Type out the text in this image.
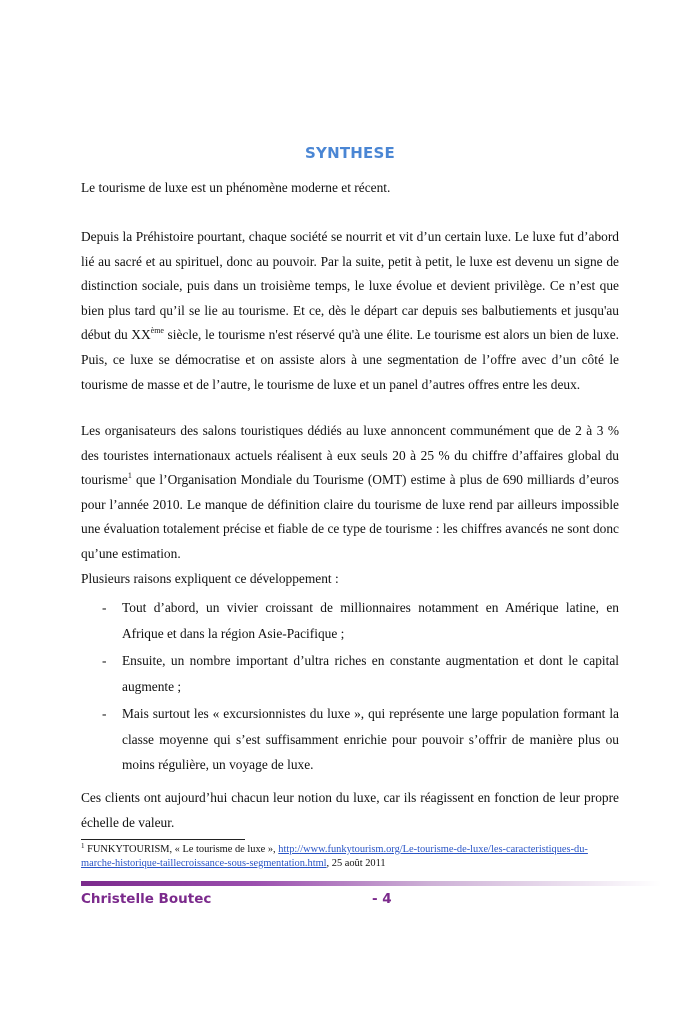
SYNTHESE

Le tourisme de luxe est un phénomène moderne et récent.

Depuis la Préhistoire pourtant, chaque société se nourrit et vit d’un certain luxe. Le luxe fut d’abord lié au sacré et au spirituel, donc au pouvoir. Par la suite, petit à petit, le luxe est devenu un signe de distinction sociale, puis dans un troisième temps, le luxe évolue et devient privilège. Ce n’est que bien plus tard qu’il se lie au tourisme. Et ce, dès le départ car depuis ses balbutiements et jusqu'au début du XXème siècle, le tourisme n'est réservé qu'à une élite. Le tourisme est alors un bien de luxe. Puis, ce luxe se démocratise et on assiste alors à une segmentation de l’offre avec d’un côté le tourisme de masse et de l’autre, le tourisme de luxe et un panel d’autres offres entre les deux.

Les organisateurs des salons touristiques dédiés au luxe annoncent communément que de 2 à 3 % des touristes internationaux actuels réalisent à eux seuls 20 à 25 % du chiffre d’affaires global du tourisme$^1$ que l’Organisation Mondiale du Tourisme (OMT) estime à plus de 690 milliards d’euros pour l’année 2010. Le manque de définition claire du tourisme de luxe rend par ailleurs impossible une évaluation totalement précise et fiable de ce type de tourisme : les chiffres avancés ne sont donc qu’une estimation.

Plusieurs raisons expliquent ce développement :

- Tout d’abord, un vivier croissant de millionnaires notamment en Amérique latine, en Afrique et dans la région Asie-Pacifique ;
- Ensuite, un nombre important d’ultra riches en constante augmentation et dont le capital augmente ;
- Mais surtout les « excursionnistes du luxe », qui représente une large population formant la classe moyenne qui s’est suffisamment enrichie pour pouvoir s’offrir de manière plus ou moins régulière, un voyage de luxe.

Ces clients ont aujourd’hui chacun leur notion du luxe, car ils réagissent en fonction de leur propre échelle de valeur.

$^1$ FUNKYTOURISM, « Le tourisme de luxe », http://www.funkytourism.org/Le-tourisme-de-luxe/les-caracteristiques-du-marche-historique-taillecroissance-sous-segmentation.html, 25 août 2011
Christelle Boutec	- 4
